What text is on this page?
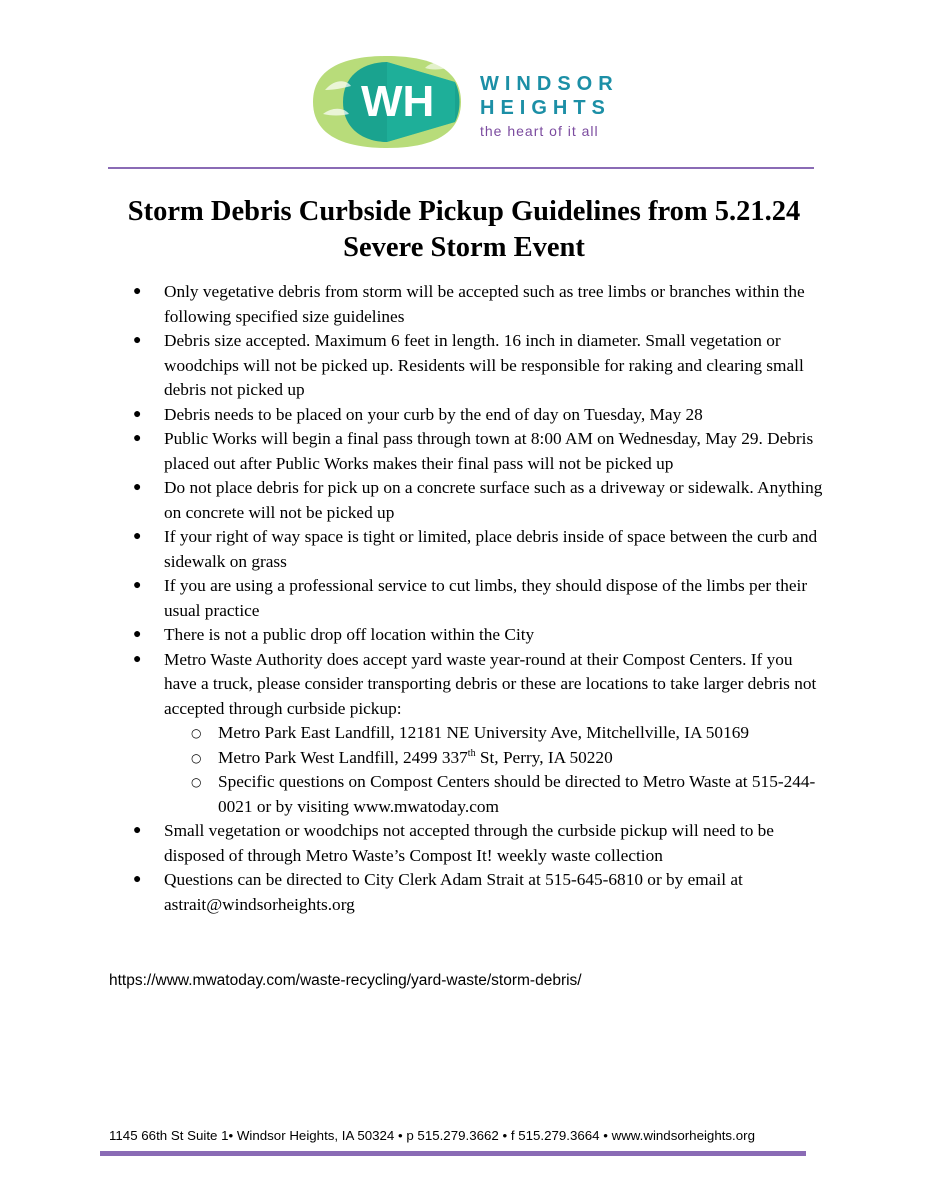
WH WINDSOR
HEIGHTS
the heart of it all
Storm Debris Curbside Pickup Guidelines from 5.21.24 Severe Storm Event
● Only vegetative debris from storm will be accepted such as tree limbs or branches within the following specified size guidelines
● Debris size accepted. Maximum 6 feet in length. 16 inch in diameter. Small vegetation or woodchips will not be picked up. Residents will be responsible for raking and clearing small debris not picked up
● Debris needs to be placed on your curb by the end of day on Tuesday, May 28
● Public Works will begin a final pass through town at 8:00 AM on Wednesday, May 29. Debris placed out after Public Works makes their final pass will not be picked up
● Do not place debris for pick up on a concrete surface such as a driveway or sidewalk. Anything on concrete will not be picked up
● If your right of way space is tight or limited, place debris inside of space between the curb and sidewalk on grass
● If you are using a professional service to cut limbs, they should dispose of the limbs per their usual practice
● There is not a public drop off location within the City
● Metro Waste Authority does accept yard waste year-round at their Compost Centers. If you have a truck, please consider transporting debris or these are locations to take larger debris not accepted through curbside pickup:
○ Metro Park East Landfill, 12181 NE University Ave, Mitchellville, IA 50169
○ Metro Park West Landfill, 2499 337th St, Perry, IA 50220
○ Specific questions on Compost Centers should be directed to Metro Waste at 515-244-0021 or by visiting www.mwatoday.com
● Small vegetation or woodchips not accepted through the curbside pickup will need to be disposed of through Metro Waste’s Compost It! weekly waste collection
● Questions can be directed to City Clerk Adam Strait at 515-645-6810 or by email at astrait@windsorheights.org
https://www.mwatoday.com/waste-recycling/yard-waste/storm-debris/
1145 66th St Suite 1• Windsor Heights, IA 50324 • p 515.279.3662 • f 515.279.3664 • www.windsorheights.org
